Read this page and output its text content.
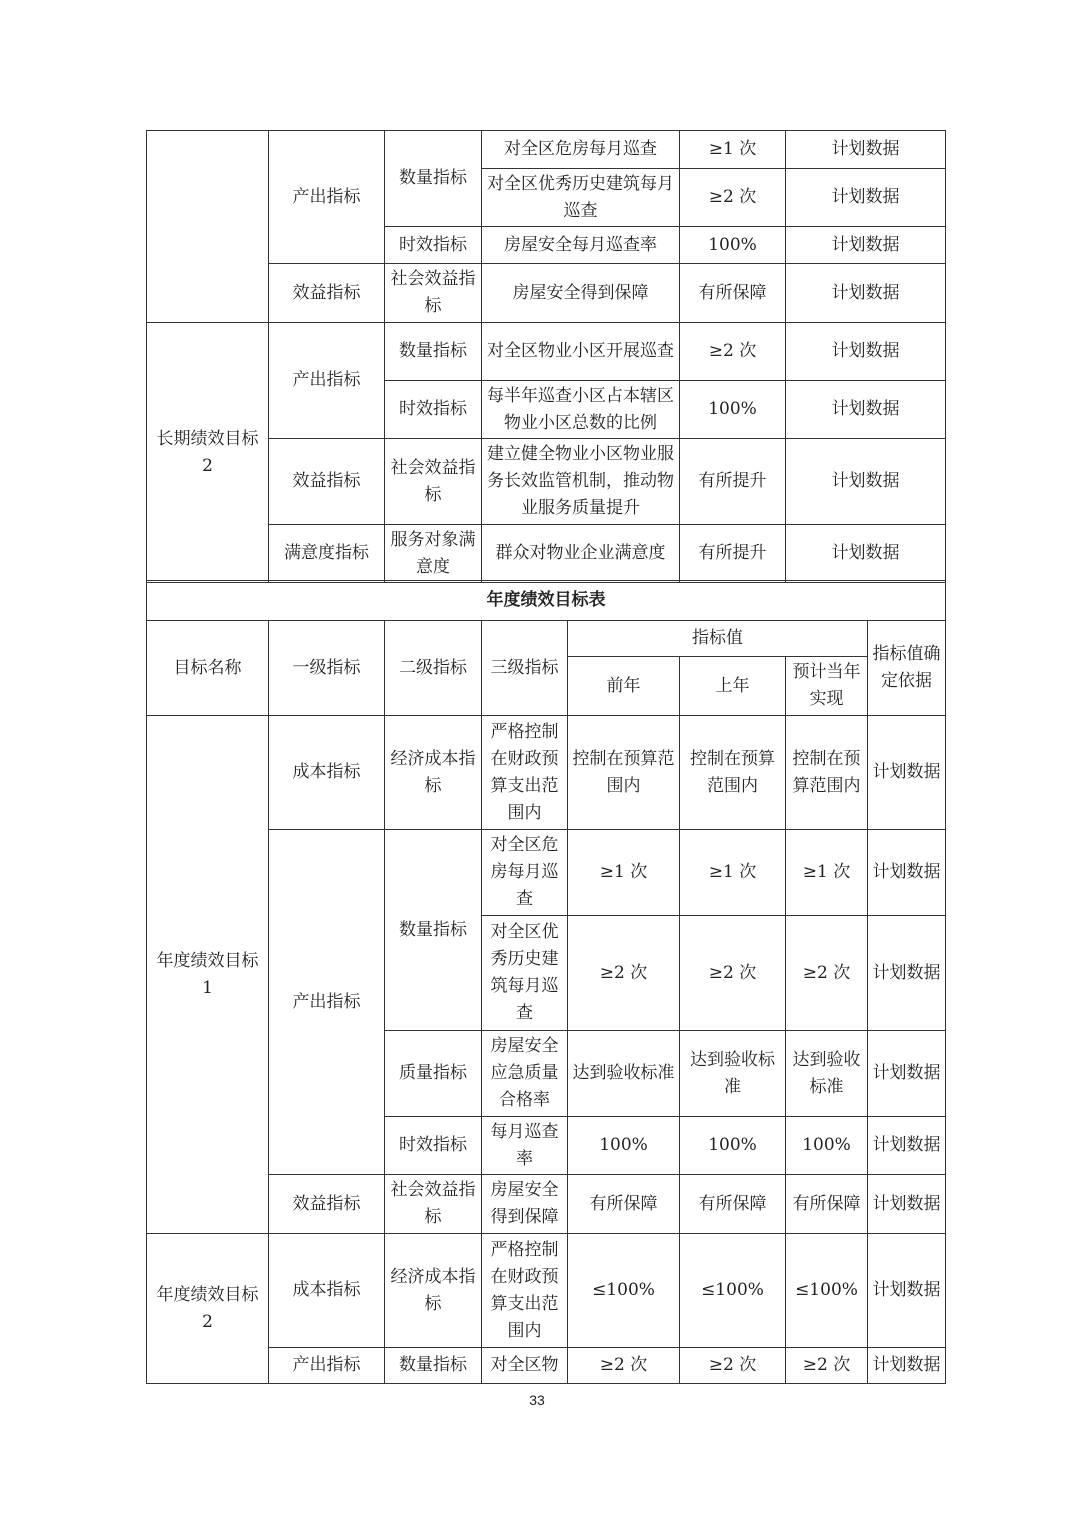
	产出指标	数量指标	对全区危房每月巡查	≥1 次	计划数据
			对全区优秀历史建筑每月巡查	≥2 次	计划数据
		时效指标	房屋安全每月巡查率	100%	计划数据
	效益指标	社会效益指标	房屋安全得到保障	有所保障	计划数据
长期绩效目标 2	产出指标	数量指标	对全区物业小区开展巡查	≥2 次	计划数据
		时效指标	每半年巡查小区占本辖区物业小区总数的比例	100%	计划数据
	效益指标	社会效益指标	建立健全物业小区物业服务长效监管机制，推动物业服务质量提升	有所提升	计划数据
	满意度指标	服务对象满意度	群众对物业企业满意度	有所提升	计划数据
年度绩效目标表							
目标名称	一级指标	二级指标	三级指标	指标值			指标值确定依据
				前年	上年	预计当年实现	
年度绩效目标 1	成本指标	经济成本指标	严格控制在财政预算支出范围内	控制在预算范围内	控制在预算范围内	控制在预算范围内	计划数据
	产出指标	数量指标	对全区危房每月巡查	≥1 次	≥1 次	≥1 次	计划数据
			对全区优秀历史建筑每月巡查	≥2 次	≥2 次	≥2 次	计划数据
		质量指标	房屋安全应急质量合格率	达到验收标准	达到验收标准	达到验收标准	计划数据
		时效指标	每月巡查率	100%	100%	100%	计划数据
	效益指标	社会效益指标	房屋安全得到保障	有所保障	有所保障	有所保障	计划数据
年度绩效目标 2	成本指标	经济成本指标	严格控制在财政预算支出范围内	≤100%	≤100%	≤100%	计划数据
	产出指标	数量指标	对全区物	≥2 次	≥2 次	≥2 次	计划数据
33
